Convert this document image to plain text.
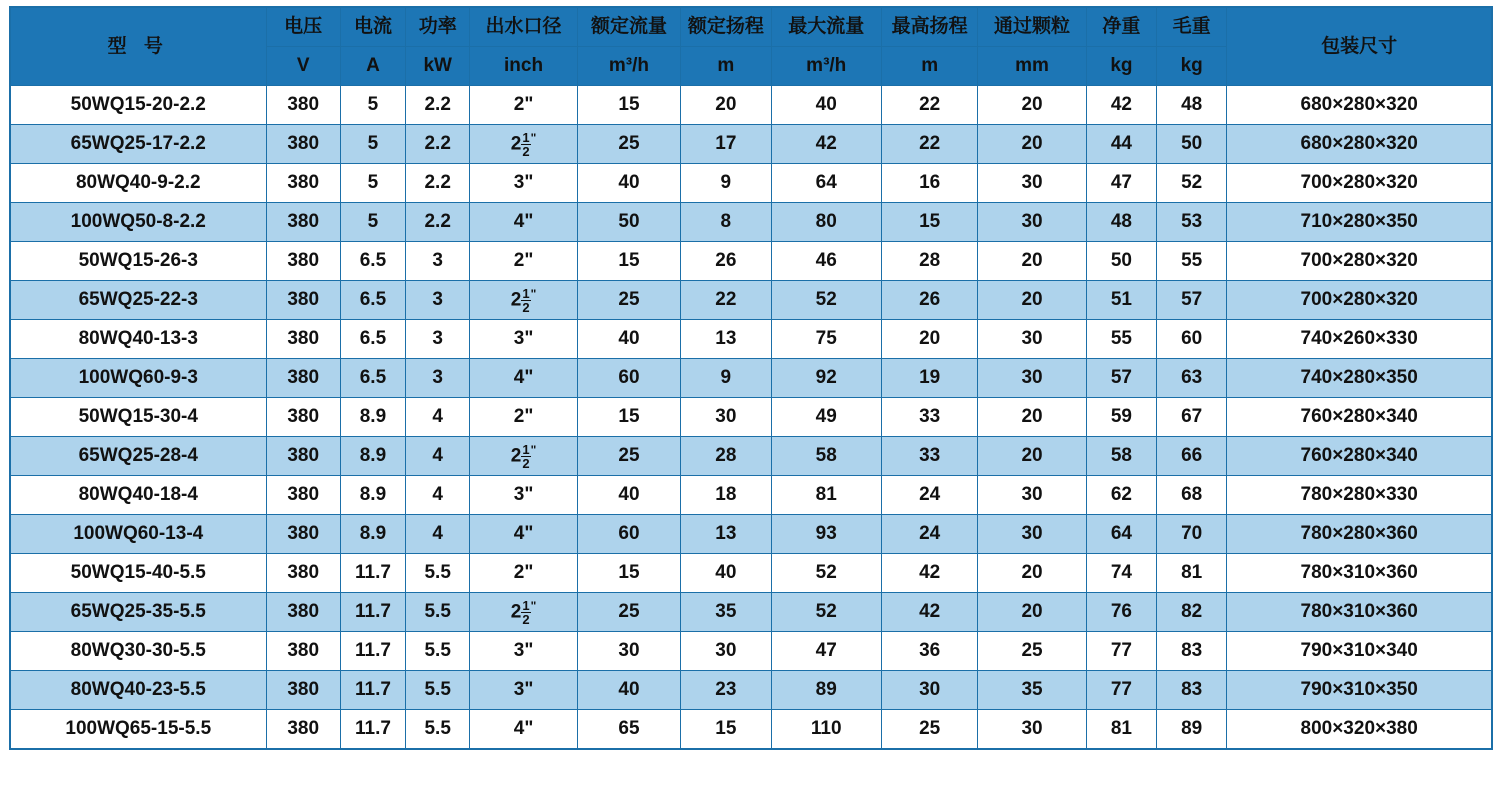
型 号	电压	电流	功率	出水口径	额定流量	额定扬程	最大流量	最高扬程	通过颗粒	净重	毛重	包装尺寸
	V	A	kW	inch	m³/h	m	m³/h	m	mm	kg	kg	
50WQ15-20-2.2	380	5	2.2	2"	15	20	40	22	20	42	48	680×280×320
65WQ25-17-2.2	380	5	2.2	$2 \frac{1}{2} ^"$	25	17	42	22	20	44	50	680×280×320
80WQ40-9-2.2	380	5	2.2	3"	40	9	64	16	30	47	52	700×280×320
100WQ50-8-2.2	380	5	2.2	4"	50	8	80	15	30	48	53	710×280×350
50WQ15-26-3	380	6.5	3	2"	15	26	46	28	20	50	55	700×280×320
65WQ25-22-3	380	6.5	3	$2 \frac{1}{2} ^"$	25	22	52	26	20	51	57	700×280×320
80WQ40-13-3	380	6.5	3	3"	40	13	75	20	30	55	60	740×260×330
100WQ60-9-3	380	6.5	3	4"	60	9	92	19	30	57	63	740×280×350
50WQ15-30-4	380	8.9	4	2"	15	30	49	33	20	59	67	760×280×340
65WQ25-28-4	380	8.9	4	$2 \frac{1}{2} ^"$	25	28	58	33	20	58	66	760×280×340
80WQ40-18-4	380	8.9	4	3"	40	18	81	24	30	62	68	780×280×330
100WQ60-13-4	380	8.9	4	4"	60	13	93	24	30	64	70	780×280×360
50WQ15-40-5.5	380	11.7	5.5	2"	15	40	52	42	20	74	81	780×310×360
65WQ25-35-5.5	380	11.7	5.5	$2 \frac{1}{2} ^"$	25	35	52	42	20	76	82	780×310×360
80WQ30-30-5.5	380	11.7	5.5	3"	30	30	47	36	25	77	83	790×310×340
80WQ40-23-5.5	380	11.7	5.5	3"	40	23	89	30	35	77	83	790×310×350
100WQ65-15-5.5	380	11.7	5.5	4"	65	15	110	25	30	81	89	800×320×380
